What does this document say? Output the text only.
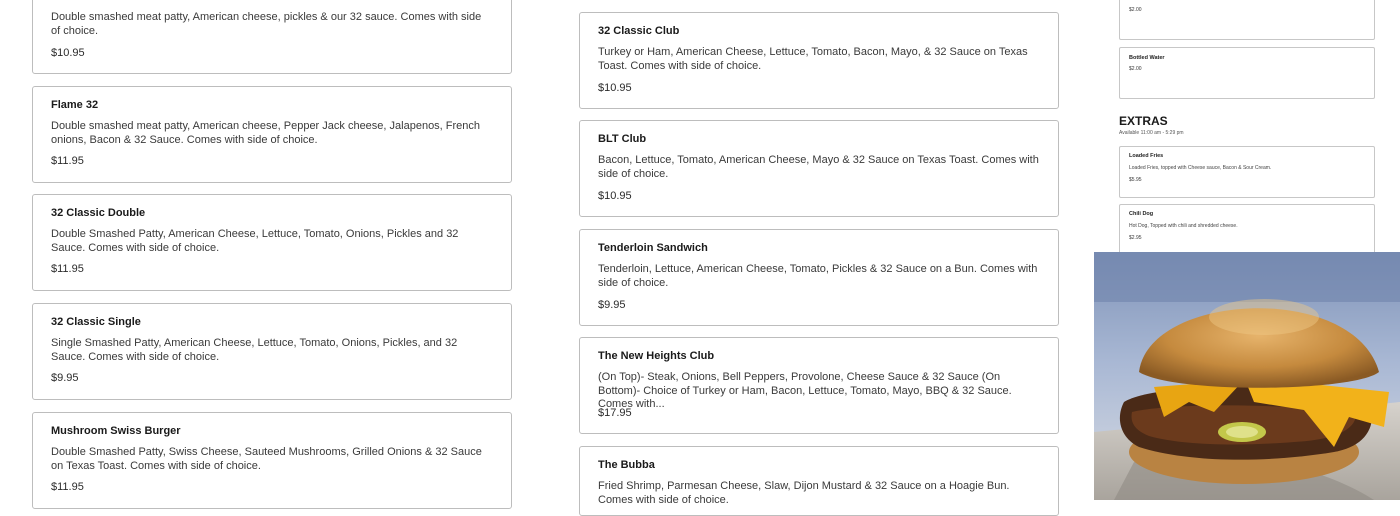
Double smashed meat patty, American cheese, pickles & our 32 sauce. Comes with side of choice.
$10.95
Flame 32
Double smashed meat patty, American cheese, Pepper Jack cheese, Jalapenos, French onions, Bacon & 32 Sauce. Comes with side of choice.
$11.95
32 Classic Double
Double Smashed Patty, American Cheese, Lettuce, Tomato, Onions, Pickles and 32 Sauce. Comes with side of choice.
$11.95
32 Classic Single
Single Smashed Patty, American Cheese, Lettuce, Tomato, Onions, Pickles, and 32 Sauce. Comes with side of choice.
$9.95
Mushroom Swiss Burger
Double Smashed Patty, Swiss Cheese, Sauteed Mushrooms, Grilled Onions & 32 Sauce on Texas Toast. Comes with side of choice.
$11.95
32 Classic Club
Turkey or Ham, American Cheese, Lettuce, Tomato, Bacon, Mayo, & 32 Sauce on Texas Toast. Comes with side of choice.
$10.95
BLT Club
Bacon, Lettuce, Tomato, American Cheese, Mayo & 32 Sauce on Texas Toast. Comes with side of choice.
$10.95
Tenderloin Sandwich
Tenderloin, Lettuce, American Cheese, Tomato, Pickles & 32 Sauce on a Bun. Comes with side of choice.
$9.95
The New Heights Club
(On Top)- Steak, Onions, Bell Peppers, Provolone, Cheese Sauce & 32 Sauce (On Bottom)- Choice of Turkey or Ham, Bacon, Lettuce, Tomato, Mayo, BBQ & 32 Sauce. Comes with...
$17.95
The Bubba
Fried Shrimp, Parmesan Cheese, Slaw, Dijon Mustard & 32 Sauce on a Hoagie Bun. Comes with side of choice.
$2.00
Bottled Water
$2.00
EXTRAS
Available 11:00 am - 5:29 pm
Loaded Fries
Loaded Fries, topped with Cheese sauce, Bacon & Sour Cream.
$5.95
Chili Dog
Hot Dog, Topped with chili and shredded cheese.
$2.95
